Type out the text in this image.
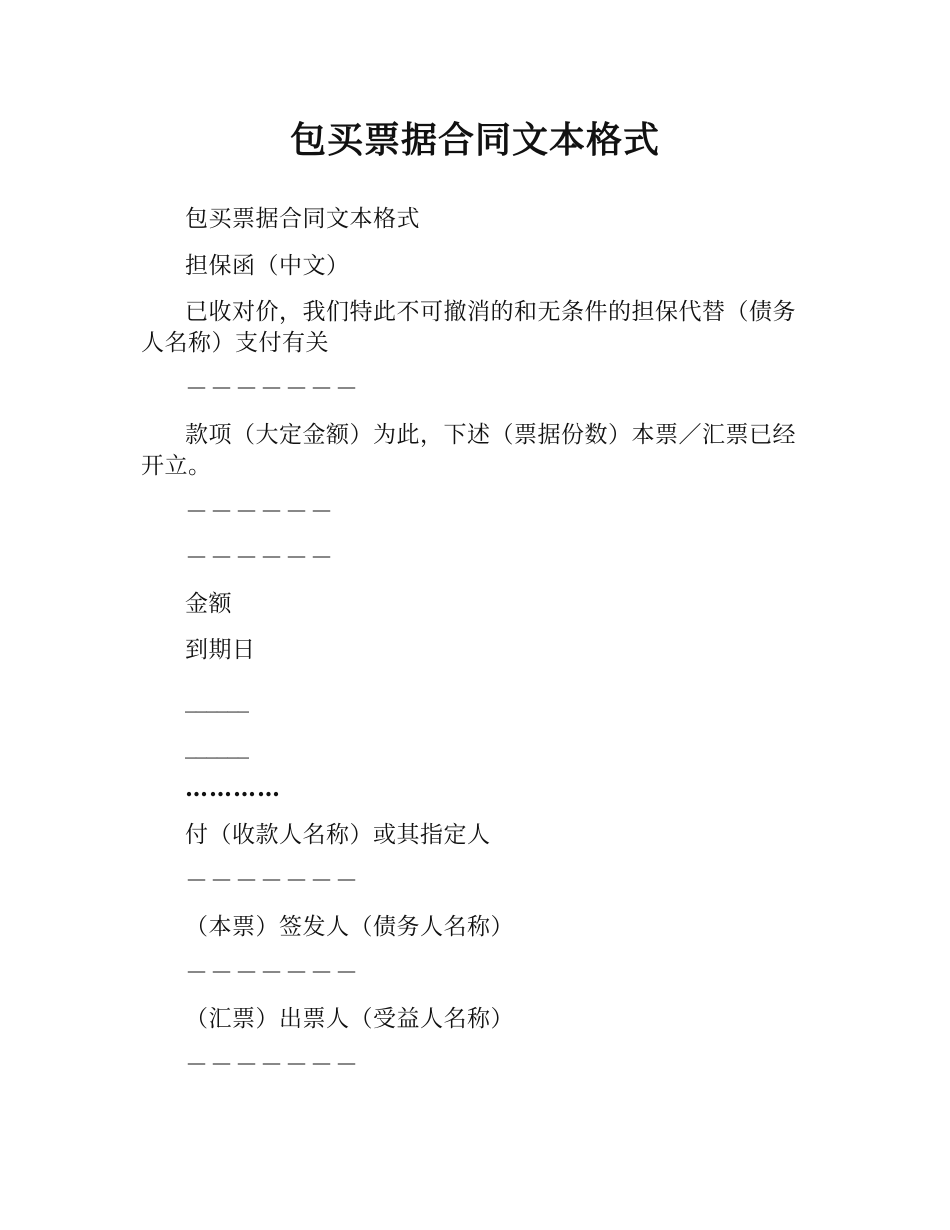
包买票据合同文本格式
包买票据合同文本格式
担保函（中文）
已收对价，我们特此不可撤消的和无条件的担保代替（债务人名称）支付有关
－－－－－－－
款项（大定金额）为此，下述（票据份数）本票／汇票已经开立。
－－－－－－
－－－－－－
金额
到期日
______
______
…………
付（收款人名称）或其指定人
－－－－－－－
（本票）签发人（债务人名称）
－－－－－－－
（汇票）出票人（受益人名称）
－－－－－－－
